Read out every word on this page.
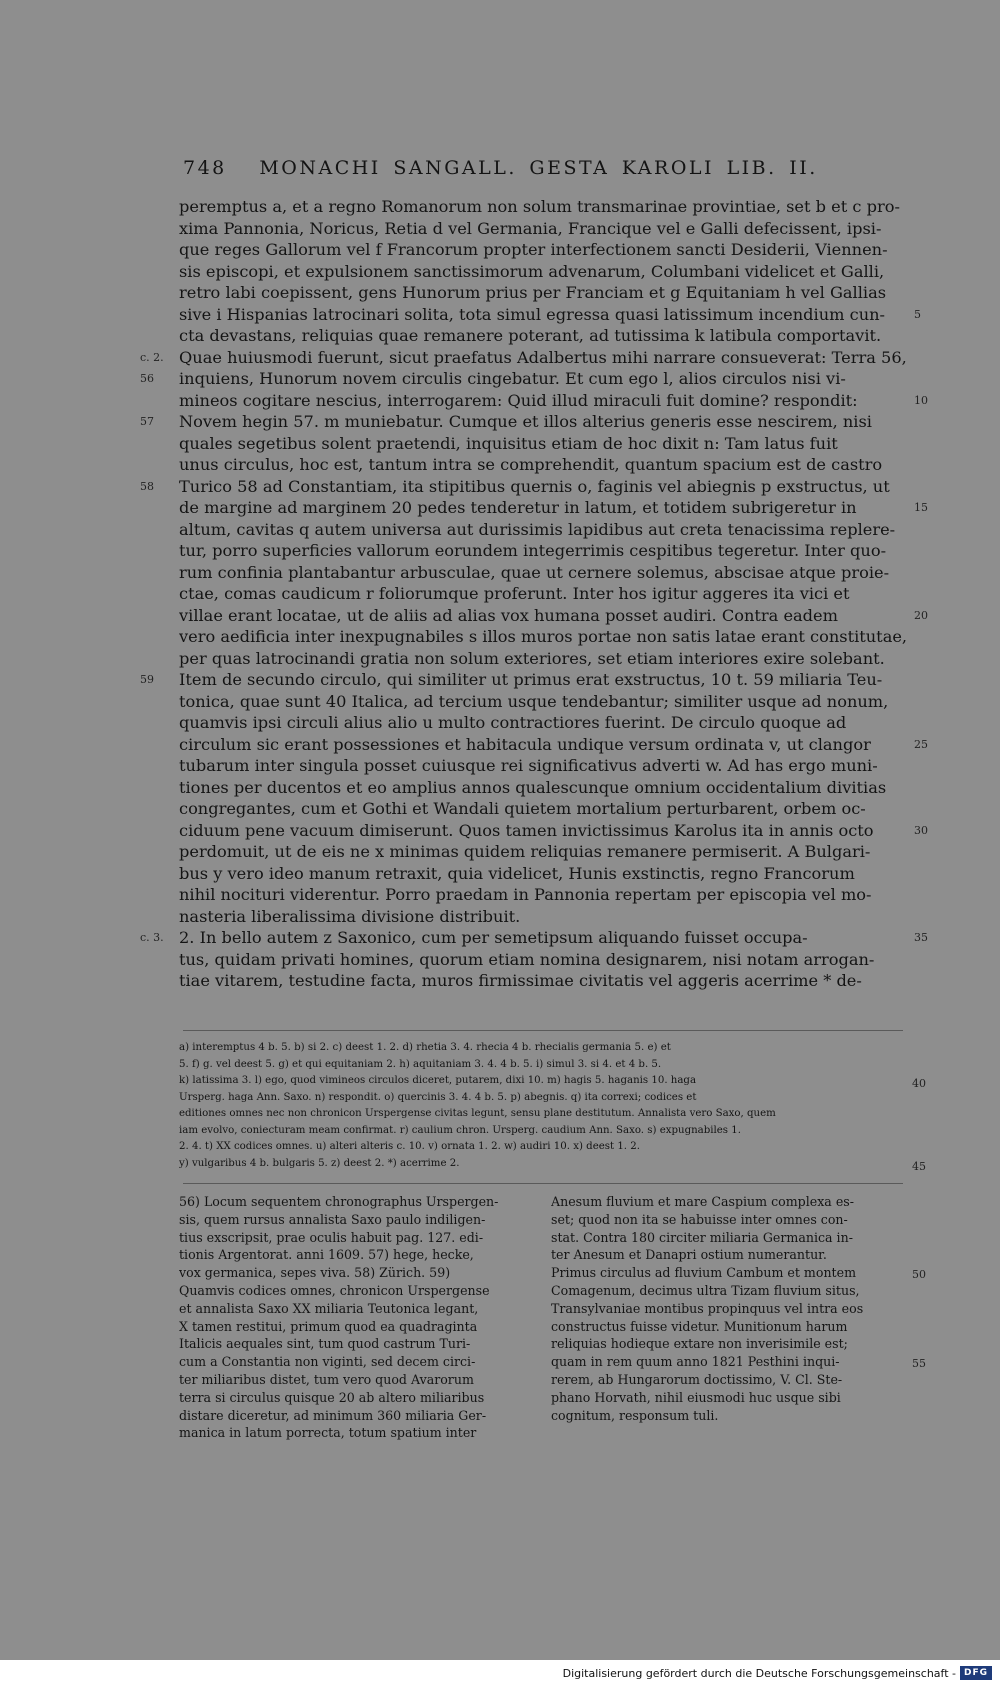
748 MONACHI SANGALL. GESTA KAROLI LIB. II.
peremptus a, et a regno Romanorum non solum transmarinae provintiae, set b et c pro-
xima Pannonia, Noricus, Retia d vel Germania, Francique vel e Galli defecissent, ipsi-
que reges Gallorum vel f Francorum propter interfectionem sancti Desiderii, Viennen-
sis episcopi, et expulsionem sanctissimorum advenarum, Columbani videlicet et Galli,
retro labi coepissent, gens Hunorum prius per Franciam et g Equitaniam h vel Gallias
sive i Hispanias latrocinari solita, tota simul egressa quasi latissimum incendium cun-
cta devastans, reliquias quae remanere poterant, ad tutissima k latibula comportavit.
Quae huiusmodi fuerunt, sicut praefatus Adalbertus mihi narrare consueverat: Terra 56,
inquiens, Hunorum novem circulis cingebatur. Et cum ego l, alios circulos nisi vi-
mineos cogitare nescius, interrogarem: Quid illud miraculi fuit domine? respondit:
Novem hegin 57. m muniebatur. Cumque et illos alterius generis esse nescirem, nisi
quales segetibus solent praetendi, inquisitus etiam de hoc dixit n: Tam latus fuit
unus circulus, hoc est, tantum intra se comprehendit, quantum spacium est de castro
Turico 58 ad Constantiam, ita stipitibus quernis o, faginis vel abiegnis p exstructus, ut
de margine ad marginem 20 pedes tenderetur in latum, et totidem subrigeretur in
altum, cavitas q autem universa aut durissimis lapidibus aut creta tenacissima replere-
tur, porro superficies vallorum eorundem integerrimis cespitibus tegeretur. Inter quo-
rum confinia plantabantur arbusculae, quae ut cernere solemus, abscisae atque proie-
ctae, comas caudicum r foliorumque proferunt. Inter hos igitur aggeres ita vici et
villae erant locatae, ut de aliis ad alias vox humana posset audiri. Contra eadem
vero aedificia inter inexpugnabiles s illos muros portae non satis latae erant constitutae,
per quas latrocinandi gratia non solum exteriores, set etiam interiores exire solebant.
Item de secundo circulo, qui similiter ut primus erat exstructus, 10 t. 59 miliaria Teu-
tonica, quae sunt 40 Italica, ad tercium usque tendebantur; similiter usque ad nonum,
quamvis ipsi circuli alius alio u multo contractiores fuerint. De circulo quoque ad
circulum sic erant possessiones et habitacula undique versum ordinata v, ut clangor
tubarum inter singula posset cuiusque rei significativus adverti w. Ad has ergo muni-
tiones per ducentos et eo amplius annos qualescunque omnium occidentalium divitias
congregantes, cum et Gothi et Wandali quietem mortalium perturbarent, orbem oc-
ciduum pene vacuum dimiserunt. Quos tamen invictissimus Karolus ita in annis octo
perdomuit, ut de eis ne x minimas quidem reliquias remanere permiserit. A Bulgari-
bus y vero ideo manum retraxit, quia videlicet, Hunis exstinctis, regno Francorum
nihil nocituri viderentur. Porro praedam in Pannonia repertam per episcopia vel mo-
nasteria liberalissima divisione distribuit.
2. In bello autem z Saxonico, cum per semetipsum aliquando fuisset occupa-
tus, quidam privati homines, quorum etiam nomina designarem, nisi notam arrogan-
tiae vitarem, testudine facta, muros firmissimae civitatis vel aggeris acerrime * de-
a) interemptus 4 b. 5. b) si 2. c) deest 1. 2. d) rhetia 3. 4. rhecia 4 b. rhecialis germania 5. e) et
5. f) g. vel deest 5. g) et qui equitaniam 2. h) aquitaniam 3. 4. 4 b. 5. i) simul 3. si 4. et 4 b. 5.
k) latissima 3. l) ego, quod vimineos circulos diceret, putarem, dixi 10. m) hagis 5. haganis 10. haga
Ursperg. haga Ann. Saxo. n) respondit. o) quercinis 3. 4. 4 b. 5. p) abegnis. q) ita correxi; codices et
editiones omnes nec non chronicon Urspergense civitas legunt, sensu plane destitutum. Annalista vero Saxo, quem
iam evolvo, coniecturam meam confirmat. r) caulium chron. Ursperg. caudium Ann. Saxo. s) expugnabiles 1.
2. 4. t) XX codices omnes. u) alteri alteris c. 10. v) ornata 1. 2. w) audiri 10. x) deest 1. 2.
y) vulgaribus 4 b. bulgaris 5. z) deest 2. *) acerrime 2.
56) Locum sequentem chronographus Urspergen-
sis, quem rursus annalista Saxo paulo indiligen-
tius exscripsit, prae oculis habuit pag. 127. edi-
tionis Argentorat. anni 1609. 57) hege, hecke,
vox germanica, sepes viva. 58) Zürich. 59)
Quamvis codices omnes, chronicon Urspergense
et annalista Saxo XX miliaria Teutonica legant,
X tamen restitui, primum quod ea quadraginta
Italicis aequales sint, tum quod castrum Turi-
cum a Constantia non viginti, sed decem circi-
ter miliaribus distet, tum vero quod Avarorum
terra si circulus quisque 20 ab altero miliaribus
distare diceretur, ad minimum 360 miliaria Ger-
manica in latum porrecta, totum spatium inter
Anesum fluvium et mare Caspium complexa es-
set; quod non ita se habuisse inter omnes con-
stat. Contra 180 circiter miliaria Germanica in-
ter Anesum et Danapri ostium numerantur.
Primus circulus ad fluvium Cambum et montem
Comagenum, decimus ultra Tizam fluvium situs,
Transylvaniae montibus propinquus vel intra eos
constructus fuisse videtur. Munitionum harum
reliquias hodieque extare non inverisimile est;
quam in rem quum anno 1821 Pesthini inqui-
rerem, ab Hungarorum doctissimo, V. Cl. Ste-
phano Horvath, nihil eiusmodi huc usque sibi
cognitum, responsum tuli.
c. 2.
56
57
58
59
c. 3.
5
10
15
20
25
30
35
40
45
50
55
Digitalisierung gefördert durch die Deutsche Forschungsgemeinschaft - DFG
